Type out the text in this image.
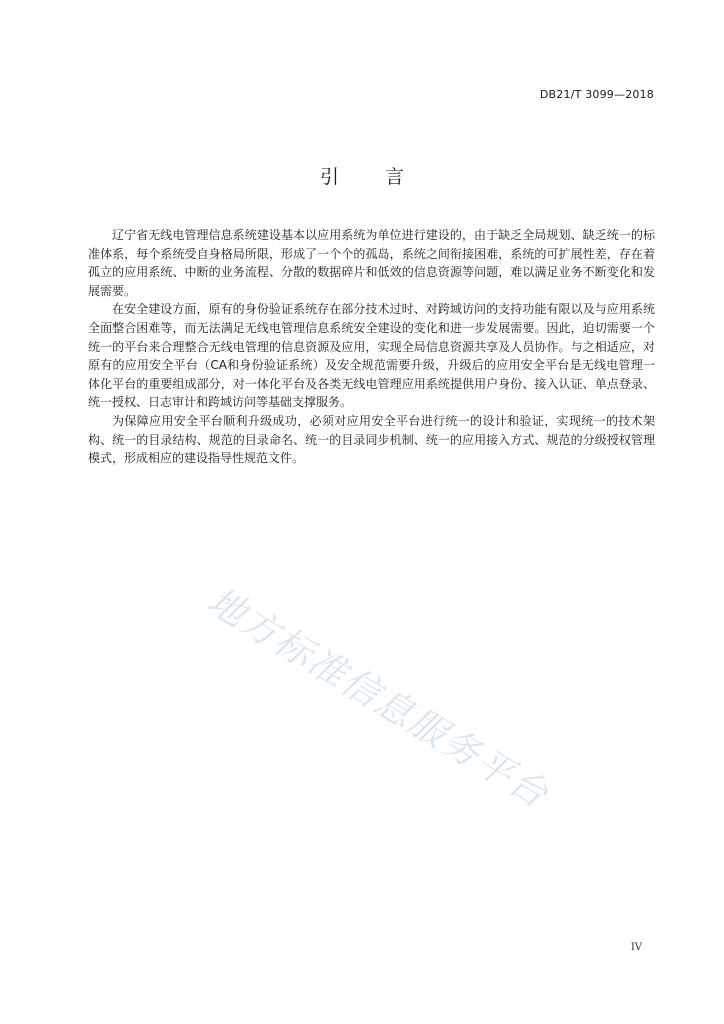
DB21/T 3099—2018
引 言

辽宁省无线电管理信息系统建设基本以应用系统为单位进行建设的，由于缺乏全局规划、缺乏统一的标准体系，每个系统受自身格局所限，形成了一个个的孤岛，系统之间衔接困难，系统的可扩展性差，存在着孤立的应用系统、中断的业务流程、分散的数据碎片和低效的信息资源等问题，难以满足业务不断变化和发展需要。

在安全建设方面，原有的身份验证系统存在部分技术过时、对跨域访问的支持功能有限以及与应用系统全面整合困难等，而无法满足无线电管理信息系统安全建设的变化和进一步发展需要。因此，迫切需要一个统一的平台来合理整合无线电管理的信息资源及应用，实现全局信息资源共享及人员协作。与之相适应，对原有的应用安全平台（CA和身份验证系统）及安全规范需要升级，升级后的应用安全平台是无线电管理一体化平台的重要组成部分，对一体化平台及各类无线电管理应用系统提供用户身份、接入认证、单点登录、统一授权、日志审计和跨域访问等基础支撑服务。

为保障应用安全平台顺利升级成功，必须对应用安全平台进行统一的设计和验证，实现统一的技术架构、统一的目录结构、规范的目录命名、统一的目录同步机制、统一的应用接入方式、规范的分级授权管理模式，形成相应的建设指导性规范文件。

地方标准信息服务平台
IV
